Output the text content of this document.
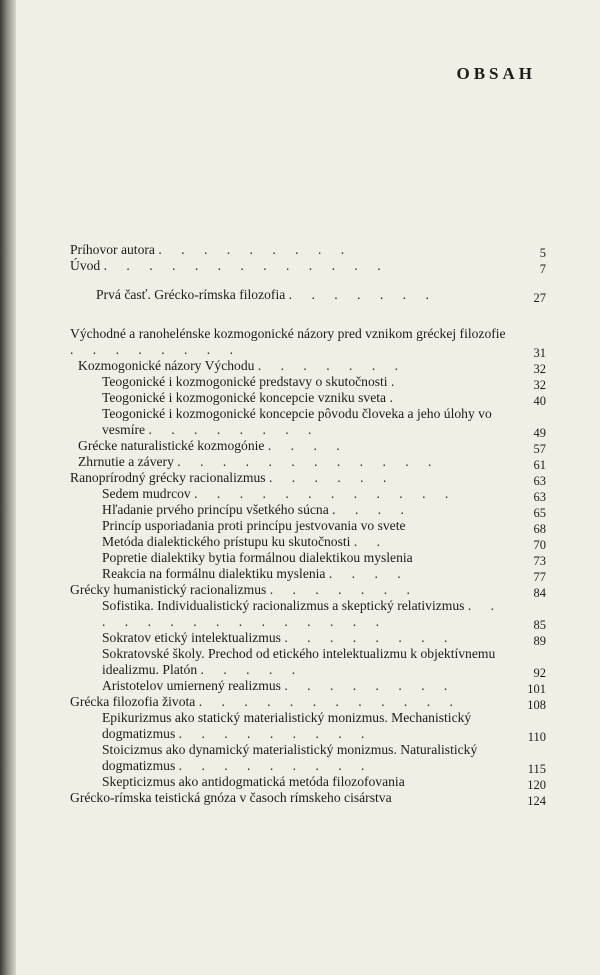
OBSAH
Príhovor autora . . . . . . . . .	5
Úvod . . . . . . . . . . . . .	7
Prvá časť. Grécko-rímska filozofia . . . . . . .	27
Východné a ranohelénske kozmogonické názory pred vznikom gréckej filozofie . . . . . . . .	31
Kozmogonické názory Východu . . . . . . .	32
Teogonické i kozmogonické predstavy o skutočnosti .	32
Teogonické i kozmogonické koncepcie vzniku sveta .	40
Teogonické i kozmogonické koncepcie pôvodu človeka a jeho úlohy vo vesmíre . . . . . . . .	49
Grécke naturalistické kozmogónie . . . .	57
Zhrnutie a závery . . . . . . . . . . . .	61
Ranoprírodný grécky racionalizmus . . . . . .	63
Sedem mudrcov . . . . . . . . . . . .	63
Hľadanie prvého princípu všetkého súcna . . . .	65
Princíp usporiadania proti princípu jestvovania vo svete	68
Metóda dialektického prístupu ku skutočnosti . .	70
Popretie dialektiky bytia formálnou dialektikou myslenia	73
Reakcia na formálnu dialektiku myslenia . . . .	77
Grécky humanistický racionalizmus . . . . . . .	84
Sofistika. Individualistický racionalizmus a skeptický relativizmus . . . . . . . . . . . . . . .	85
Sokratov etický intelektualizmus . . . . . . . .	89
Sokratovské školy. Prechod od etického intelektualizmu k objektívnemu idealizmu. Platón . . . . .	92
Aristotelov umiernený realizmus . . . . . . . .	101
Grécka filozofia života . . . . . . . . . . . .	108
Epikurizmus ako statický materialistický monizmus. Mechanistický dogmatizmus . . . . . . . . .	110
Stoicizmus ako dynamický materialistický monizmus. Naturalistický dogmatizmus . . . . . . . . .	115
Skepticizmus ako antidogmatická metóda filozofovania	120
Grécko-rímska teistická gnóza v časoch rímskeho cisárstva	124
